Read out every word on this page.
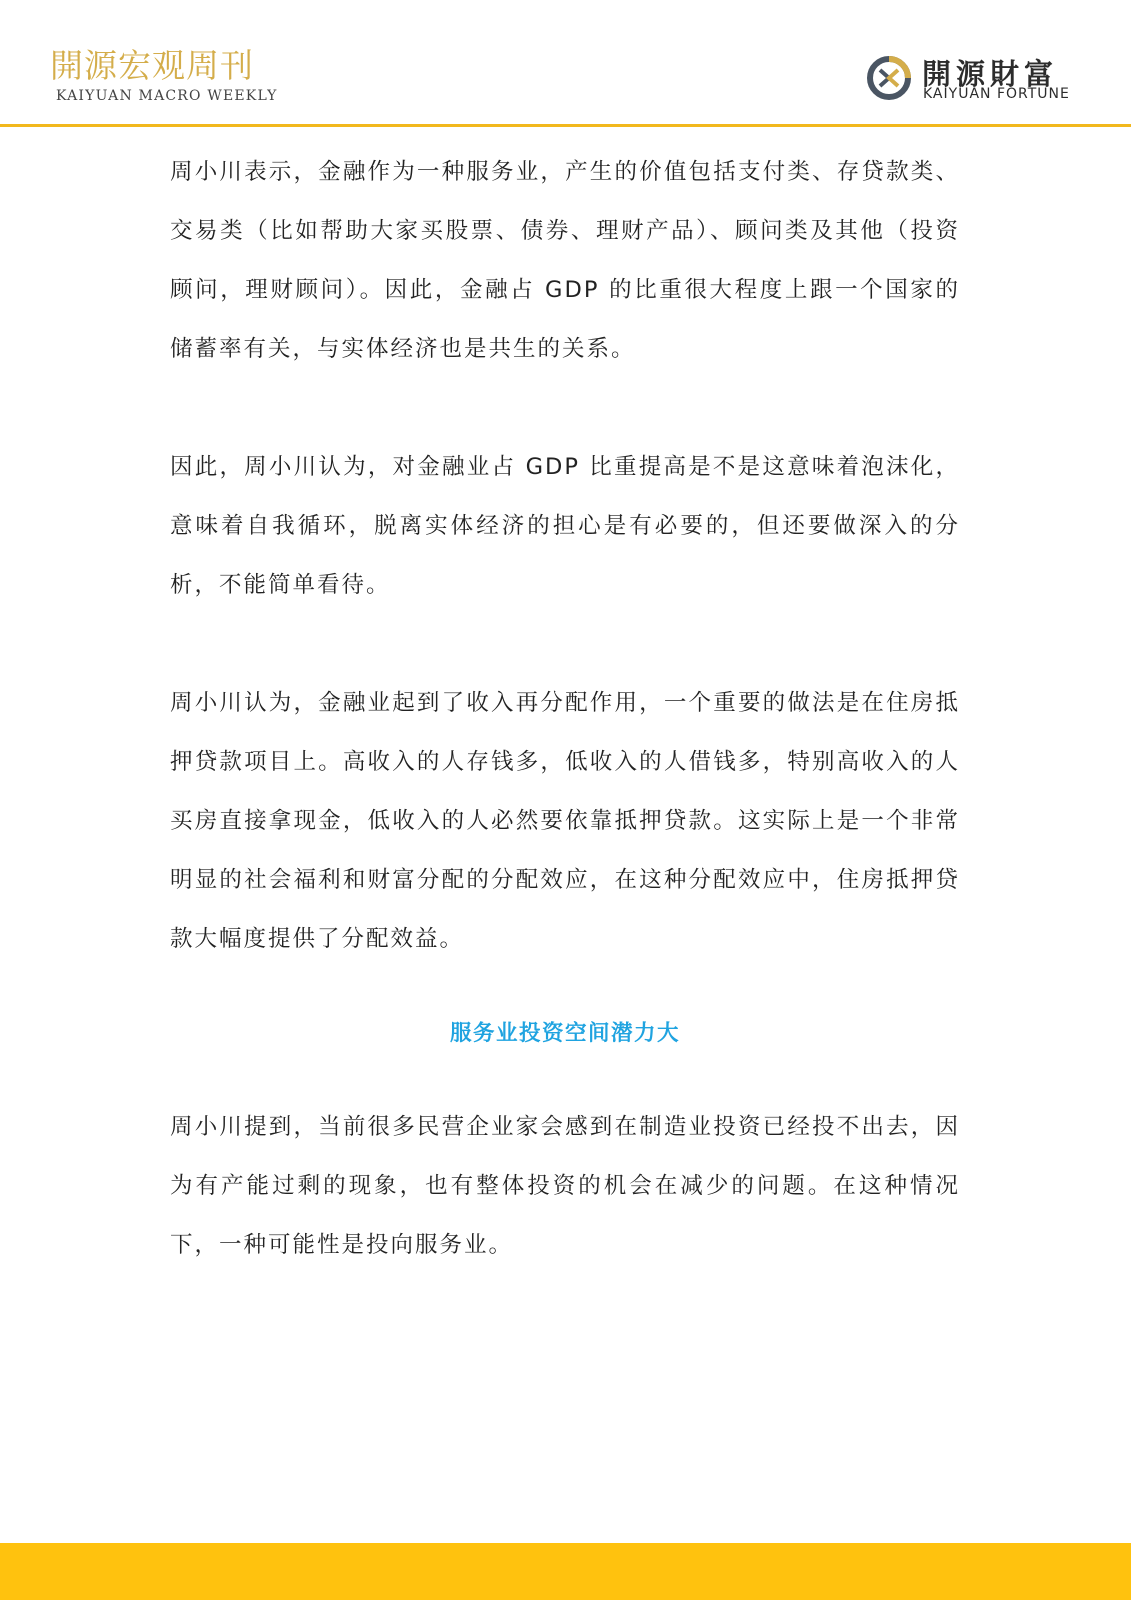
開源宏观周刊
KAIYUAN MACRO WEEKLY
開源財富
KAIYUAN FORTUNE

周小川表示，金融作为一种服务业，产生的价值包括支付类、存贷款类、交易类（比如帮助大家买股票、债券、理财产品）、顾问类及其他（投资顾问，理财顾问）。因此，金融占 GDP 的比重很大程度上跟一个国家的储蓄率有关，与实体经济也是共生的关系。

因此，周小川认为，对金融业占 GDP 比重提高是不是这意味着泡沫化，意味着自我循环，脱离实体经济的担心是有必要的，但还要做深入的分析，不能简单看待。

周小川认为，金融业起到了收入再分配作用，一个重要的做法是在住房抵押贷款项目上。高收入的人存钱多，低收入的人借钱多，特别高收入的人买房直接拿现金，低收入的人必然要依靠抵押贷款。这实际上是一个非常明显的社会福利和财富分配的分配效应，在这种分配效应中，住房抵押贷款大幅度提供了分配效益。

服务业投资空间潜力大

周小川提到，当前很多民营企业家会感到在制造业投资已经投不出去，因为有产能过剩的现象，也有整体投资的机会在减少的问题。在这种情况下，一种可能性是投向服务业。
